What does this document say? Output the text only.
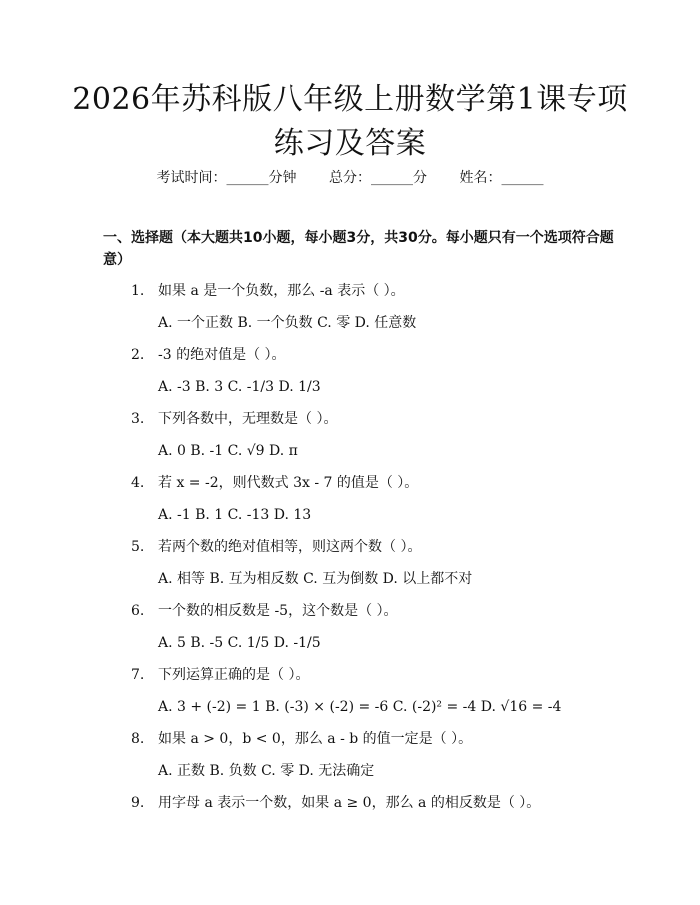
2026年苏科版八年级上册数学第1课专项练习及答案
考试时间：______分钟 总分：______分 姓名：______
一、选择题（本大题共10小题，每小题3分，共30分。每小题只有一个选项符合题意）
1. 如果 a 是一个负数，那么 -a 表示（ ）。
A. 一个正数 B. 一个负数 C. 零 D. 任意数
2. -3 的绝对值是（ ）。
A. -3 B. 3 C. -1/3 D. 1/3
3. 下列各数中，无理数是（ ）。
A. 0 B. -1 C. √9 D. π
4. 若 x = -2，则代数式 3x - 7 的值是（ ）。
A. -1 B. 1 C. -13 D. 13
5. 若两个数的绝对值相等，则这两个数（ ）。
A. 相等 B. 互为相反数 C. 互为倒数 D. 以上都不对
6. 一个数的相反数是 -5，这个数是（ ）。
A. 5 B. -5 C. 1/5 D. -1/5
7. 下列运算正确的是（ ）。
A. 3 + (-2) = 1 B. (-3) × (-2) = -6 C. (-2)² = -4 D. √16 = -4
8. 如果 a > 0，b < 0，那么 a - b 的值一定是（ ）。
A. 正数 B. 负数 C. 零 D. 无法确定
9. 用字母 a 表示一个数，如果 a ≥ 0，那么 a 的相反数是（ ）。
